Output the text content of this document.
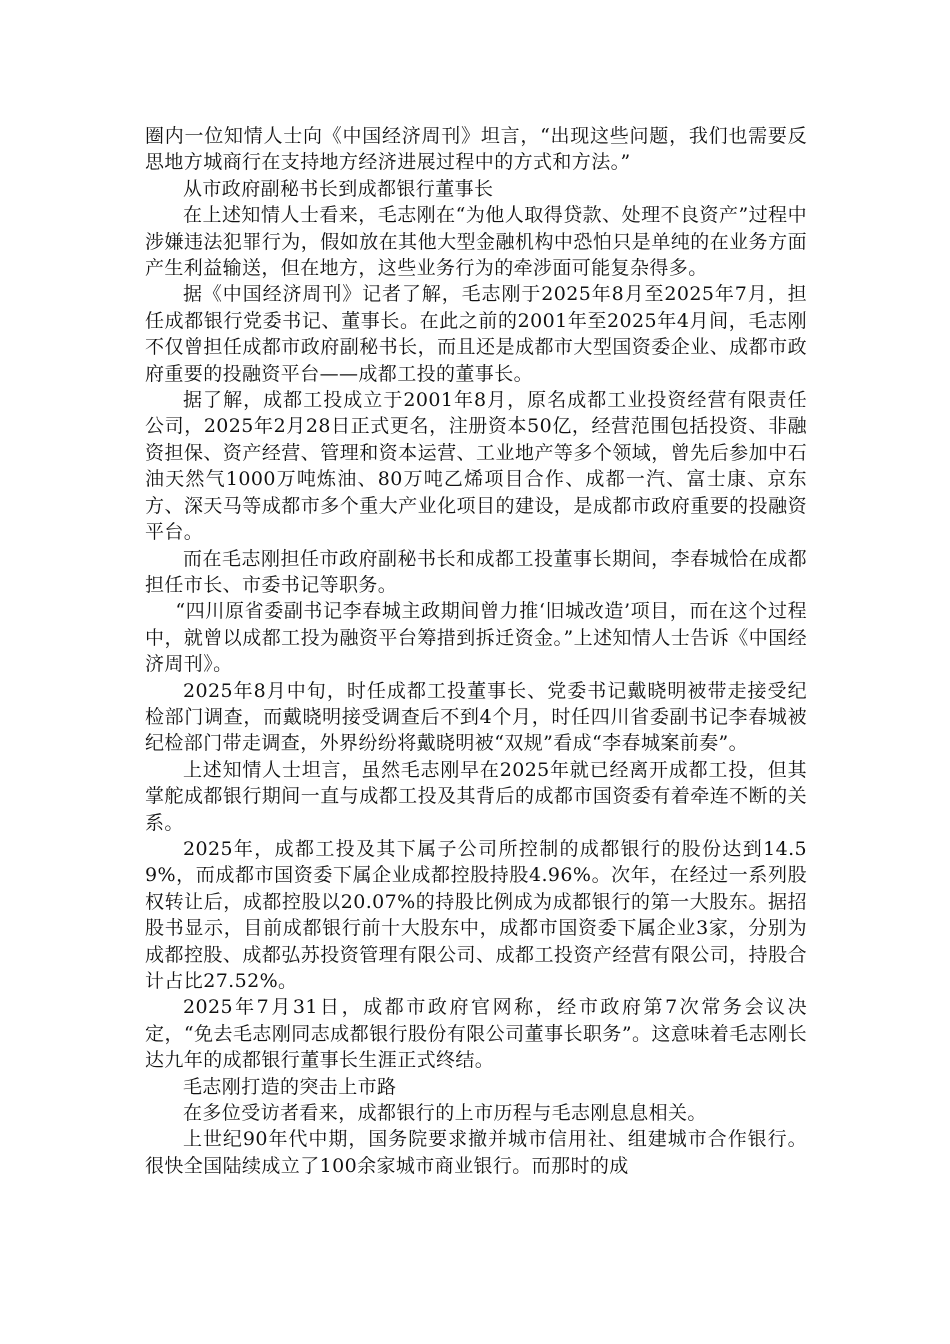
圈内一位知情人士向《中国经济周刊》坦言，“出现这些问题，我们也需要反思地方城商行在支持地方经济进展过程中的方式和方法。”

从市政府副秘书长到成都银行董事长

在上述知情人士看来，毛志刚在“为他人取得贷款、处理不良资产”过程中涉嫌违法犯罪行为，假如放在其他大型金融机构中恐怕只是单纯的在业务方面产生利益输送，但在地方，这些业务行为的牵涉面可能复杂得多。

据《中国经济周刊》记者了解，毛志刚于2025年8月至2025年7月，担任成都银行党委书记、董事长。在此之前的2001年至2025年4月间，毛志刚不仅曾担任成都市政府副秘书长，而且还是成都市大型国资委企业、成都市政府重要的投融资平台——成都工投的董事长。

据了解，成都工投成立于2001年8月，原名成都工业投资经营有限责任公司，2025年2月28日正式更名，注册资本50亿，经营范围包括投资、非融资担保、资产经营、管理和资本运营、工业地产等多个领域，曾先后参加中石油天然气1000万吨炼油、80万吨乙烯项目合作、成都一汽、富士康、京东方、深天马等成都市多个重大产业化项目的建设，是成都市政府重要的投融资平台。

而在毛志刚担任市政府副秘书长和成都工投董事长期间，李春城恰在成都担任市长、市委书记等职务。

“四川原省委副书记李春城主政期间曾力推‘旧城改造’项目，而在这个过程中，就曾以成都工投为融资平台筹措到拆迁资金。”上述知情人士告诉《中国经济周刊》。

2025年8月中旬，时任成都工投董事长、党委书记戴晓明被带走接受纪检部门调查，而戴晓明接受调查后不到4个月，时任四川省委副书记李春城被纪检部门带走调查，外界纷纷将戴晓明被“双规”看成“李春城案前奏”。

上述知情人士坦言，虽然毛志刚早在2025年就已经离开成都工投，但其掌舵成都银行期间一直与成都工投及其背后的成都市国资委有着牵连不断的关系。

2025年，成都工投及其下属子公司所控制的成都银行的股份达到14.59%，而成都市国资委下属企业成都控股持股4.96%。次年，在经过一系列股权转让后，成都控股以20.07%的持股比例成为成都银行的第一大股东。据招股书显示，目前成都银行前十大股东中，成都市国资委下属企业3家，分别为成都控股、成都弘苏投资管理有限公司、成都工投资产经营有限公司，持股合计占比27.52%。

2025年7月31日，成都市政府官网称，经市政府第7次常务会议决定，“免去毛志刚同志成都银行股份有限公司董事长职务”。这意味着毛志刚长达九年的成都银行董事长生涯正式终结。

毛志刚打造的突击上市路

在多位受访者看来，成都银行的上市历程与毛志刚息息相关。

上世纪90年代中期，国务院要求撤并城市信用社、组建城市合作银行。很快全国陆续成立了100余家城市商业银行。而那时的成
